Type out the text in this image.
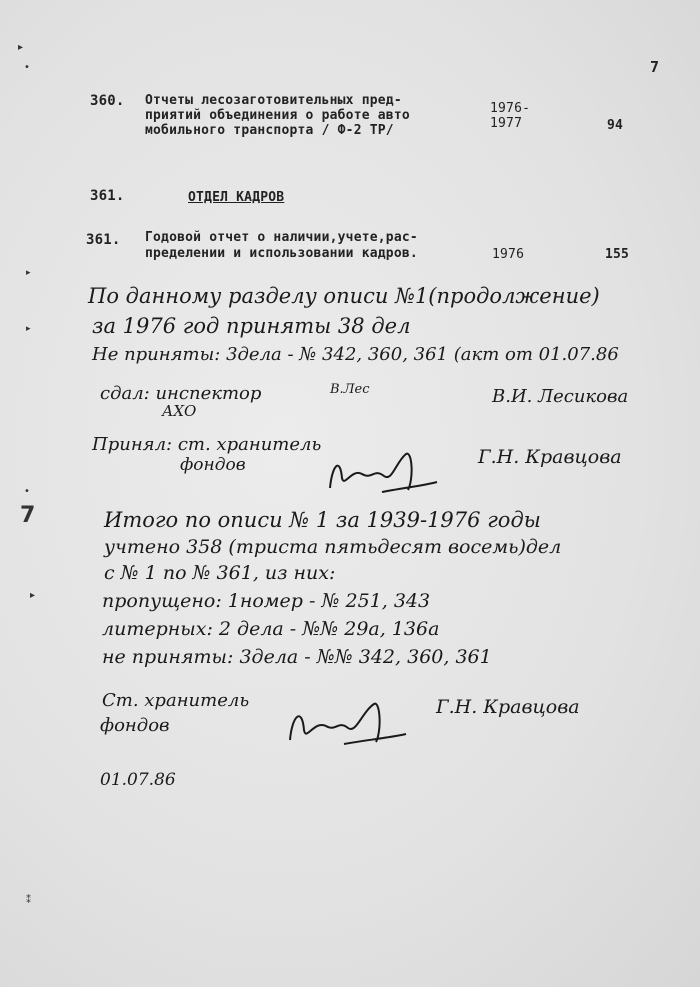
▸
•
▸
▸
•
7
▸
⁑
7
360. Отчеты лесозаготовительных пред-
приятий объединения о работе авто
мобильного транспорта / Ф-2 ТР/
1976-
1977	94
361.	ОТДЕЛ КАДРОВ
361. Годовой отчет о наличии,учете,рас-
пределении и использовании кадров.	1976	155
По данному разделу описи №1(продолжение)
за 1976 год приняты 38 дел
Не приняты: 3дела - № 342, 360, 361 (акт от 01.07.86
сдал: инспектор
АХО
В.Лес	В.И. Лесикова
Принял: ст. хранитель
фондов	Г.Н. Кравцова
Итого по описи № 1 за 1939-1976 годы
учтено 358 (триста пятьдесят восемь)дел
с № 1 по № 361, из них:
пропущено: 1номер - № 251, 343
литерных: 2 дела - №№ 29а, 136а
не приняты: 3дела - №№ 342, 360, 361
Ст. хранитель
фондов
Г.Н. Кравцова
01.07.86
